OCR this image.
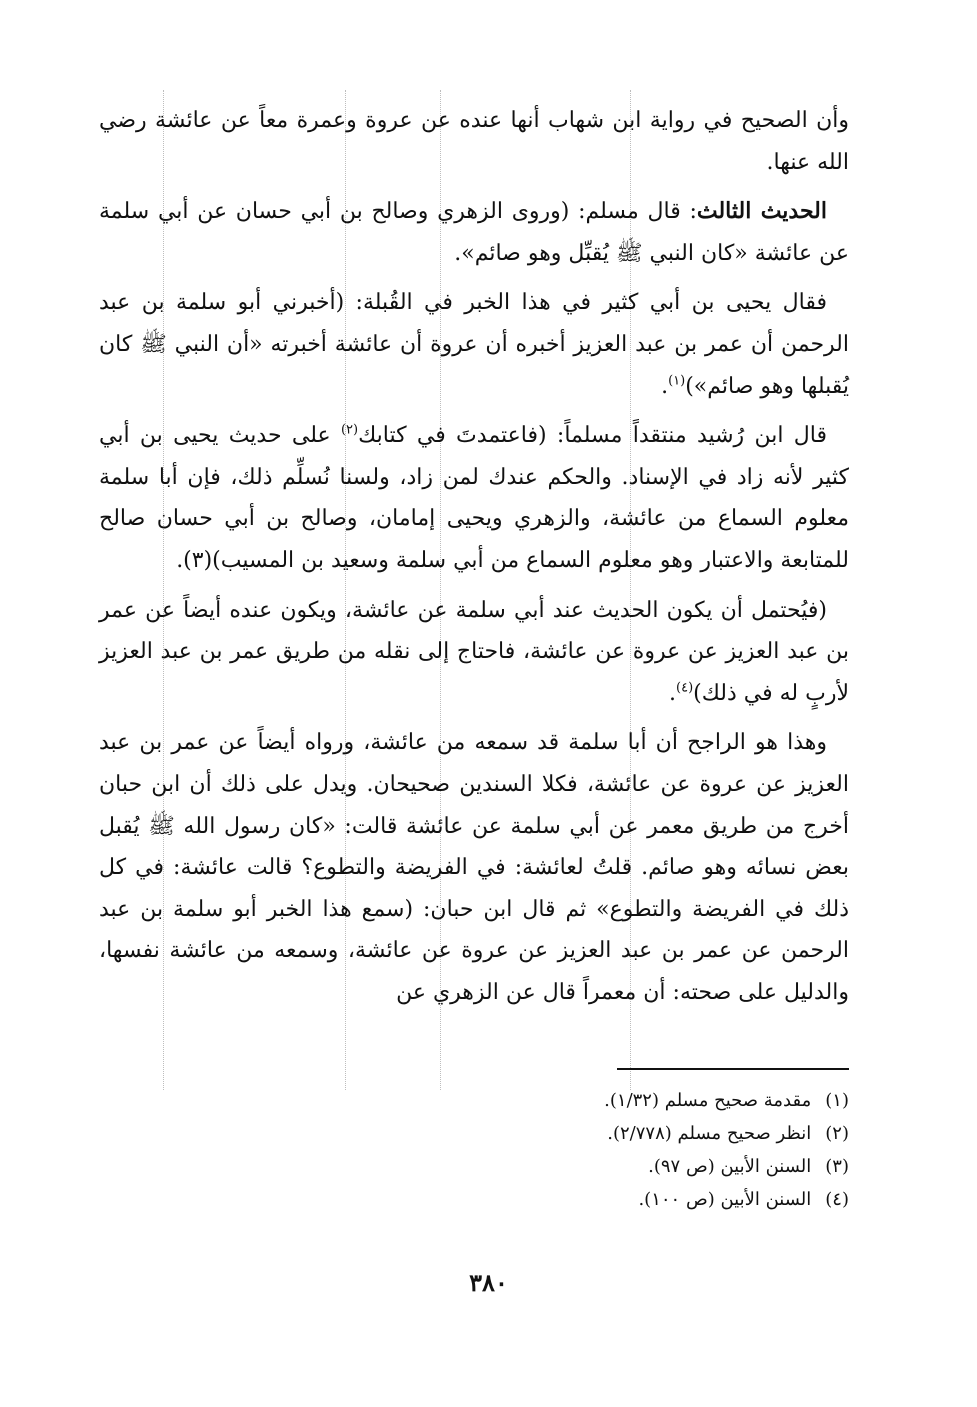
وأن الصحيح في رواية ابن شهاب أنها عنده عن عروة وعمرة معاً عن عائشة رضي الله عنها.

الحديث الثالث: قال مسلم: (وروى الزهري وصالح بن أبي حسان عن أبي سلمة عن عائشة «كان النبي ﷺ يُقبِّل وهو صائم».

فقال يحيى بن أبي كثير في هذا الخبر في القُبلة: (أخبرني أبو سلمة بن عبد الرحمن أن عمر بن عبد العزيز أخبره أن عروة أن عائشة أخبرته «أن النبي ﷺ كان يُقبلها وهو صائم»)$^{(١)}$.

قال ابن رُشيد منتقداً مسلماً: (فاعتمدتَ في كتابك$^{(٢)}$ على حديث يحيى بن أبي كثير لأنه زاد في الإسناد. والحكم عندك لمن زاد، ولسنا نُسلِّم ذلك، فإن أبا سلمة معلوم السماع من عائشة، والزهري ويحيى إمامان، وصالح بن أبي حسان صالح للمتابعة والاعتبار وهو معلوم السماع من أبي سلمة وسعيد بن المسيب)(٣).

(فيُحتمل أن يكون الحديث عند أبي سلمة عن عائشة، ويكون عنده أيضاً عن عمر بن عبد العزيز عن عروة عن عائشة، فاحتاج إلى نقله من طريق عمر بن عبد العزيز لأربٍ له في ذلك)$^{(٤)}$.

وهذا هو الراجح أن أبا سلمة قد سمعه من عائشة، ورواه أيضاً عن عمر بن عبد العزيز عن عروة عن عائشة، فكلا السندين صحيحان. ويدل على ذلك أن ابن حبان أخرج من طريق معمر عن أبي سلمة عن عائشة قالت: «كان رسول الله ﷺ يُقبل بعض نسائه وهو صائم. قلتُ لعائشة: في الفريضة والتطوع؟ قالت عائشة: في كل ذلك في الفريضة والتطوع» ثم قال ابن حبان: (سمع هذا الخبر أبو سلمة بن عبد الرحمن عن عمر بن عبد العزيز عن عروة عن عائشة، وسمعه من عائشة نفسها، والدليل على صحته: أن معمراً قال عن الزهري عن

(١)
مقدمة صحيح مسلم (١/٣٢).
(٢)
انظر صحيح مسلم (٢/٧٧٨).
(٣)
السنن الأبين (ص ٩٧).
(٤)
السنن الأبين (ص ١٠٠).
٣٨٠
